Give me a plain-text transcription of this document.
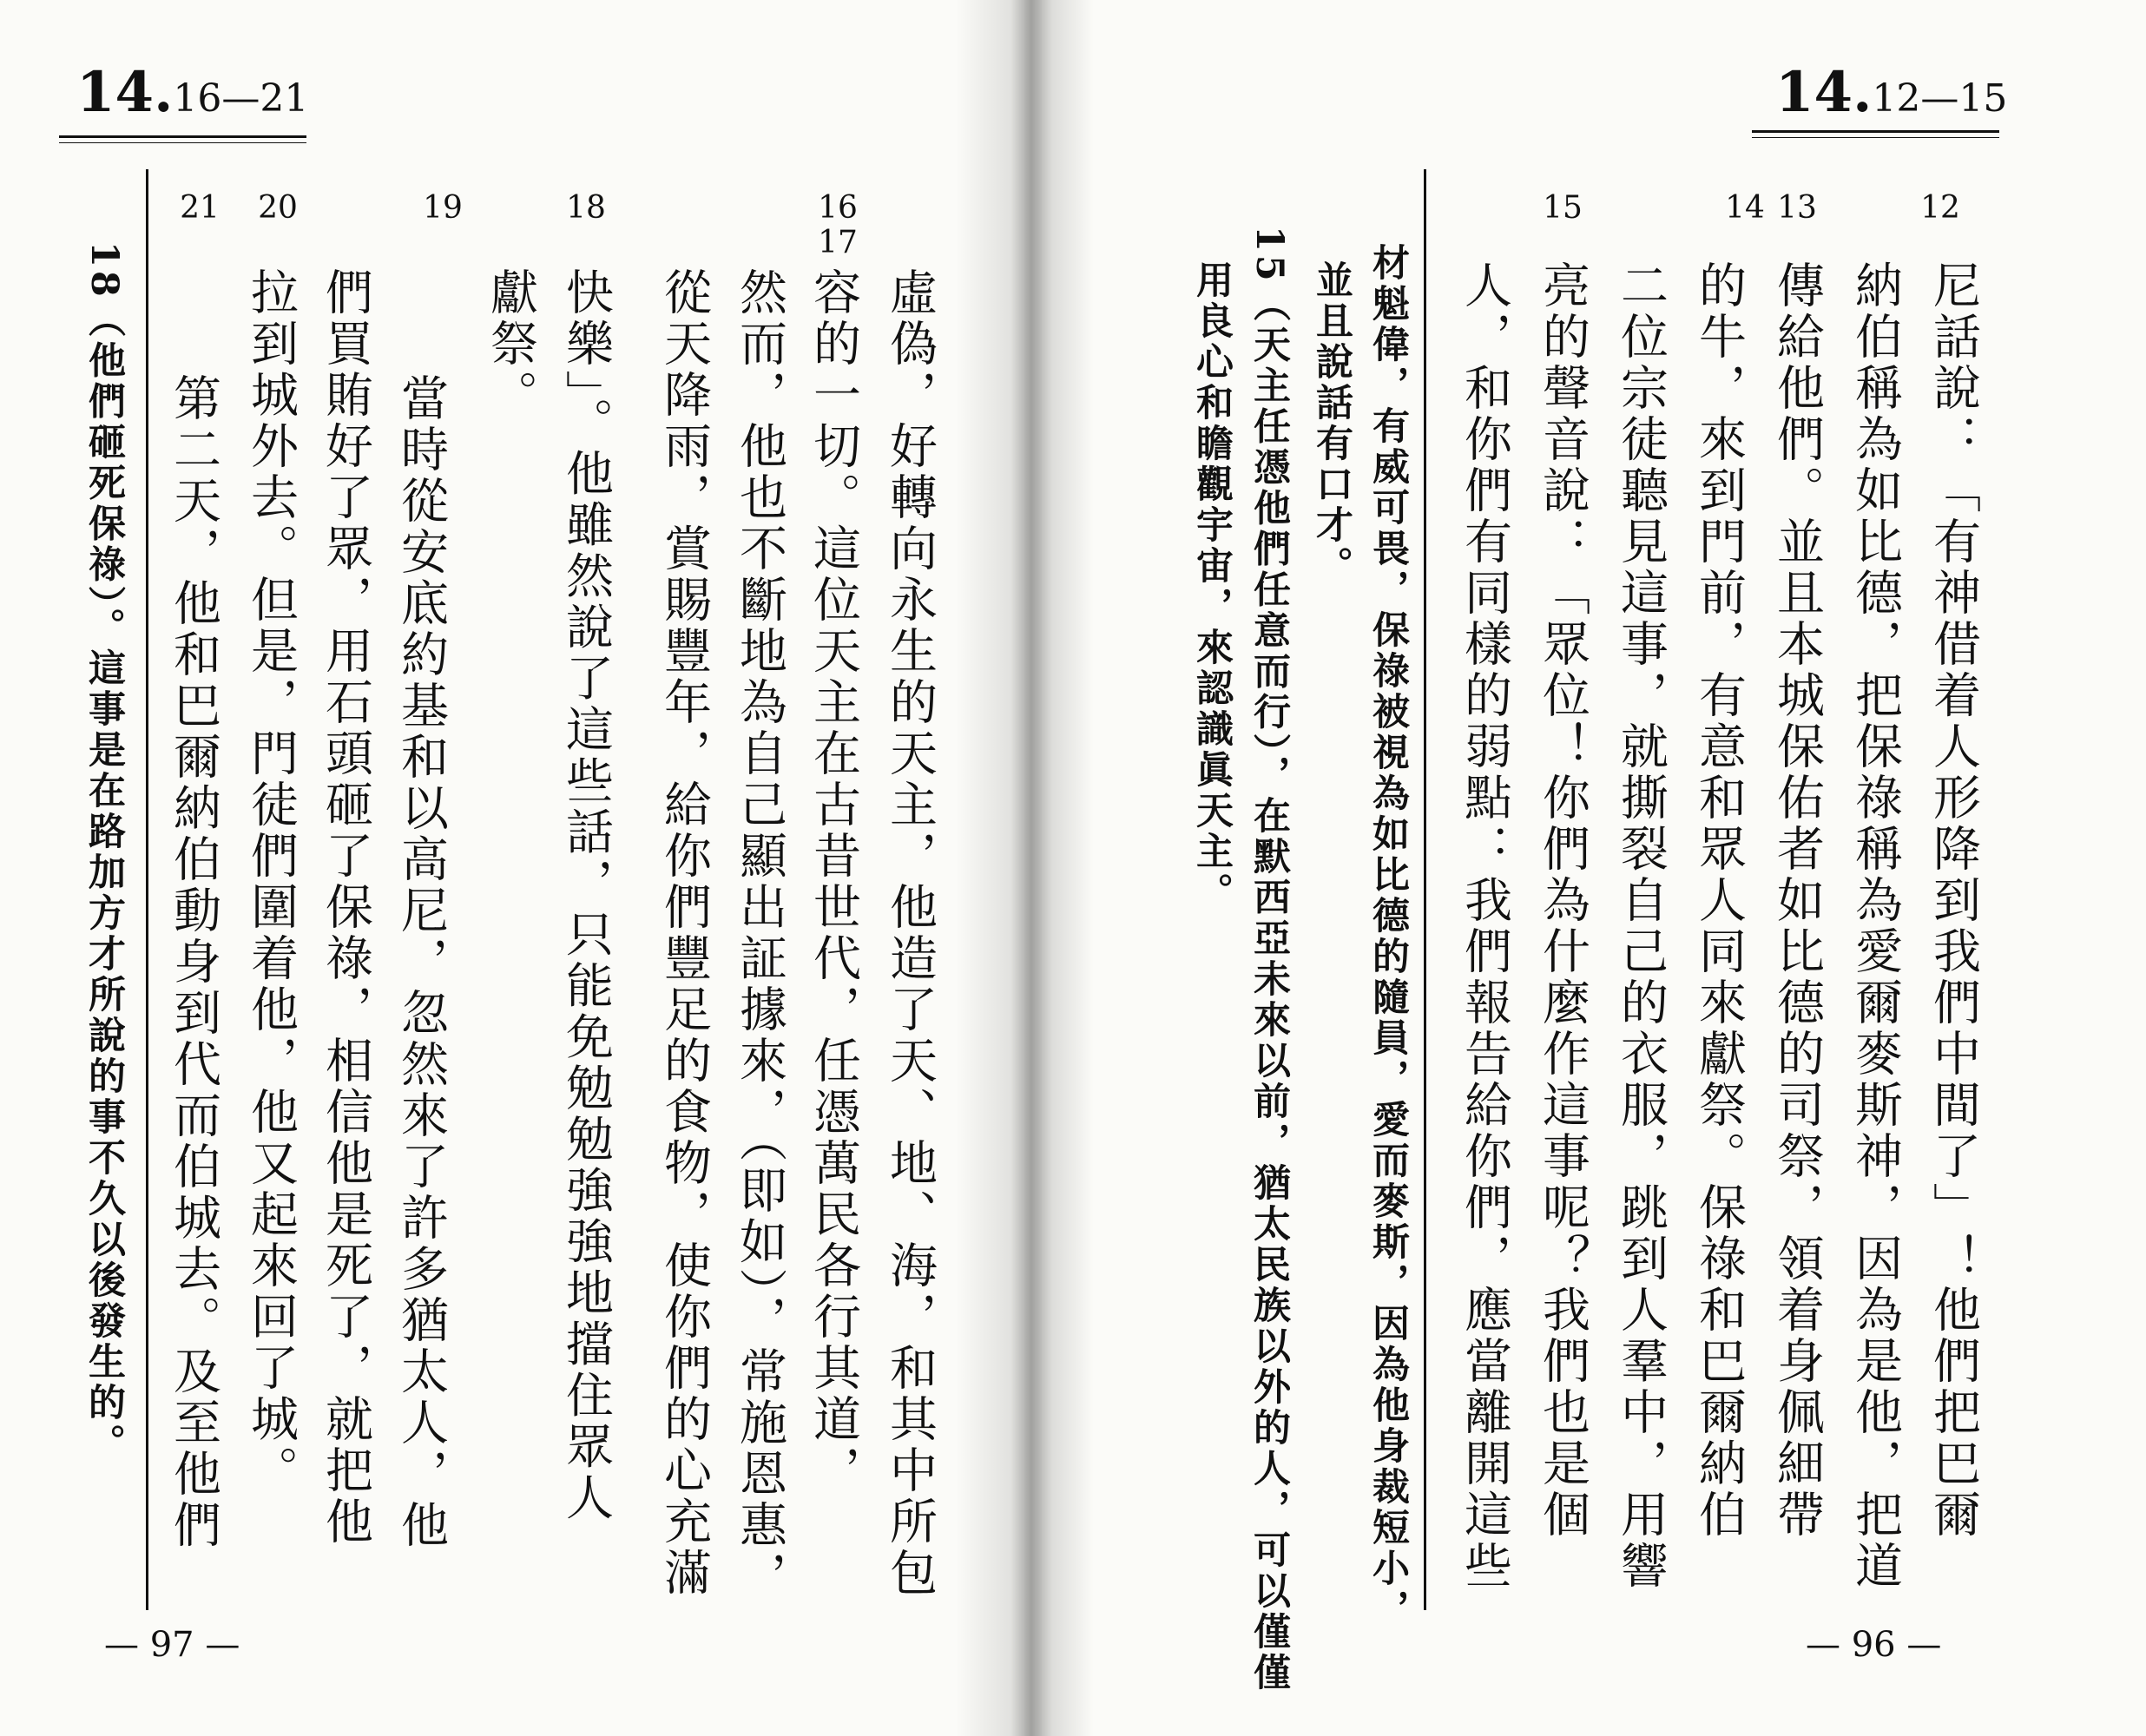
14.16—21
16
17
18
19
20
21
虛偽，好轉向永生的天主，他造了天、地、海，和其中所包
容的一切。這位天主在古昔世代，任憑萬民各行其道，
然而，他也不斷地為自己顯出証據來，（即如），常施恩惠，
從天降雨，賞賜豐年，給你們豐足的食物，使你們的心充滿
快樂」。他雖然說了這些話，只能免勉勉強強地擋住眾人
獻祭。
當時從安底約基和以高尼，忽然來了許多猶太人，他
們買賄好了眾，用石頭砸了保祿，相信他是死了，就把他
拉到城外去。但是，門徒們圍着他，他又起來回了城。
第二天，他和巴爾納伯動身到代而伯城去。及至他們
18（他們砸死保祿）。這事是在路加方才所說的事不久以後發生的。
— 97 —
14.12—15
12
13
14
15
尼話說：「有神借着人形降到我們中間了」！他們把巴爾
納伯稱為如比德，把保祿稱為愛爾麥斯神，因為是他，把道
傳給他們。並且本城保佑者如比德的司祭，領着身佩細帶
的牛，來到門前，有意和眾人同來獻祭。保祿和巴爾納伯
二位宗徒聽見這事，就撕裂自己的衣服，跳到人羣中，用響
亮的聲音說：「眾位！你們為什麼作這事呢？我們也是個
人，和你們有同樣的弱點：我們報告給你們，應當離開這些
材魁偉，有威可畏，保祿被視為如比德的隨員，愛而麥斯，因為他身裁短小，
並且說話有口才。
15（天主任憑他們任意而行），在默西亞未來以前，猶太民族以外的人，可以僅僅
用良心和瞻觀宇宙，來認識眞天主。
— 96 —
